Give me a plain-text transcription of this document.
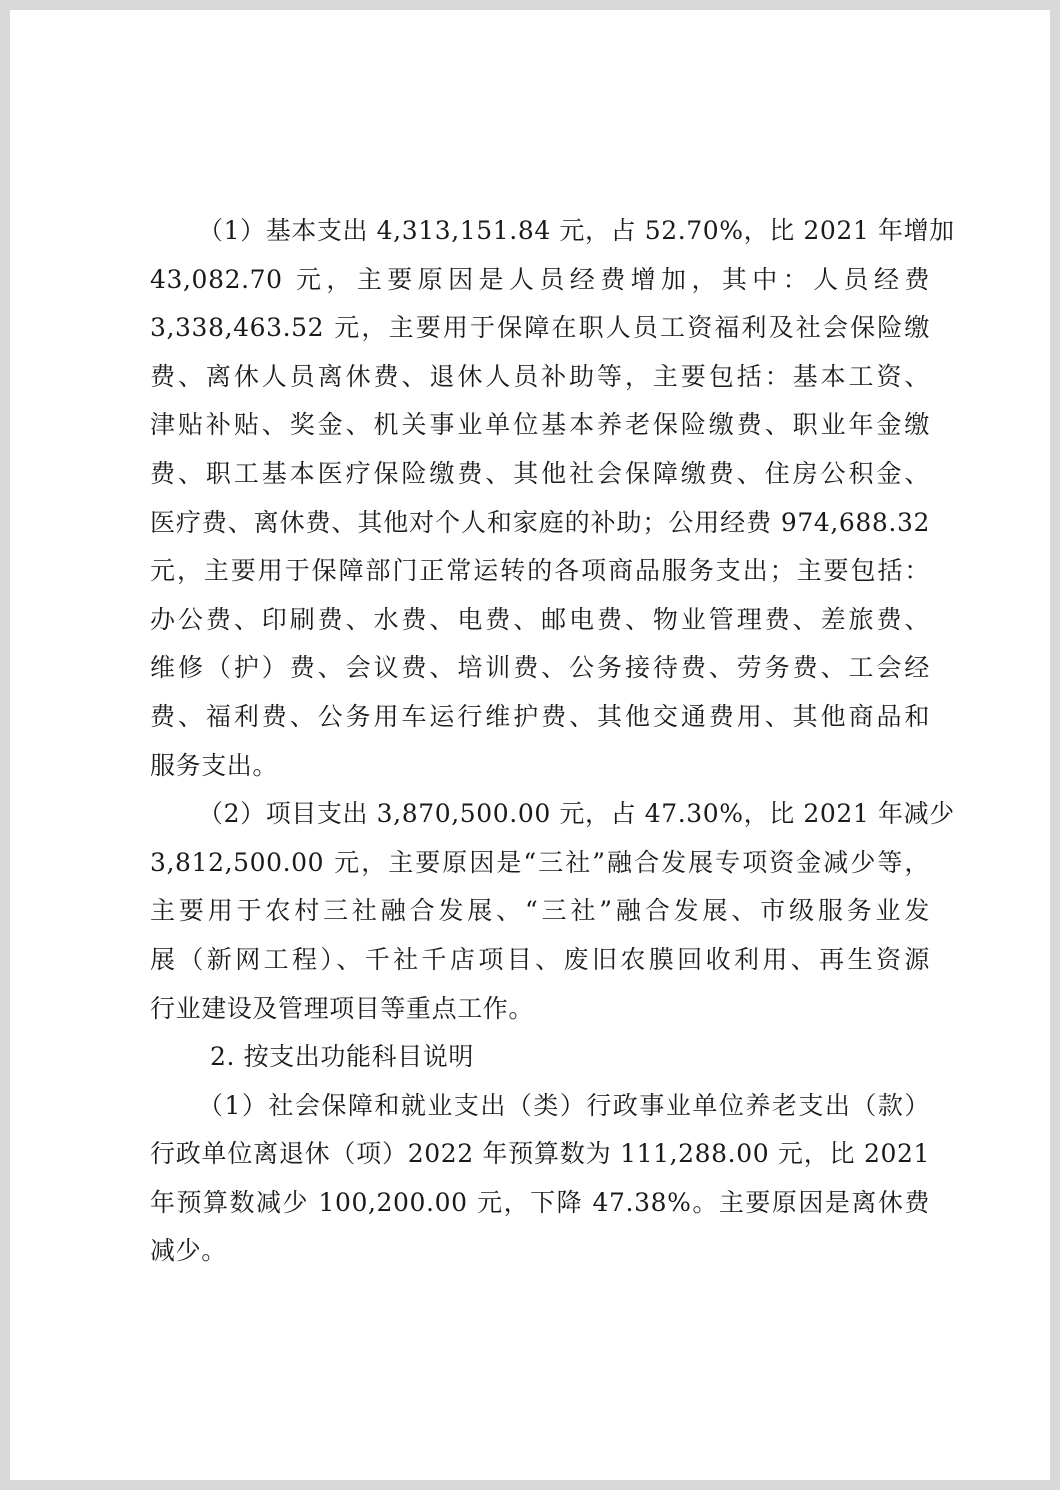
（1）基本支出 4,313,151.84 元，占 52.70%，比 2021 年增加
43,082.70 元，主要原因是人员经费增加，其中：人员经费
3,338,463.52 元，主要用于保障在职人员工资福利及社会保险缴
费、离休人员离休费、退休人员补助等，主要包括：基本工资、
津贴补贴、奖金、机关事业单位基本养老保险缴费、职业年金缴
费、职工基本医疗保险缴费、其他社会保障缴费、住房公积金、
医疗费、离休费、其他对个人和家庭的补助；公用经费 974,688.32
元，主要用于保障部门正常运转的各项商品服务支出；主要包括：
办公费、印刷费、水费、电费、邮电费、物业管理费、差旅费、
维修（护）费、会议费、培训费、公务接待费、劳务费、工会经
费、福利费、公务用车运行维护费、其他交通费用、其他商品和
服务支出。
（2）项目支出 3,870,500.00 元，占 47.30%，比 2021 年减少
3,812,500.00 元，主要原因是“三社”融合发展专项资金减少等，
主要用于农村三社融合发展、“三社”融合发展、市级服务业发
展（新网工程）、千社千店项目、废旧农膜回收利用、再生资源
行业建设及管理项目等重点工作。
2. 按支出功能科目说明
（1）社会保障和就业支出（类）行政事业单位养老支出（款）
行政单位离退休（项）2022 年预算数为 111,288.00 元，比 2021
年预算数减少 100,200.00 元，下降 47.38%。主要原因是离休费
减少。
